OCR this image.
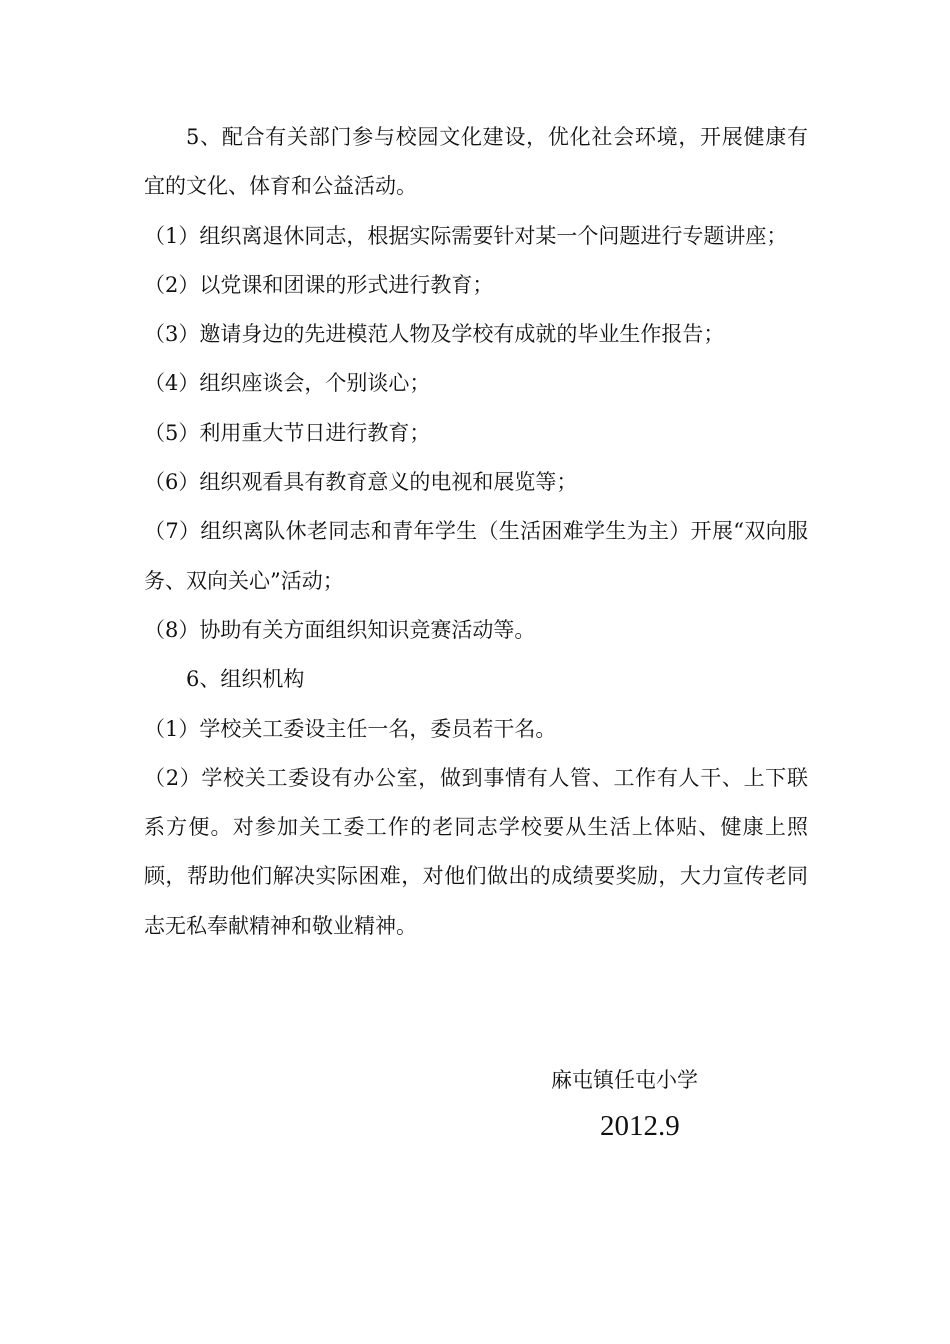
5、配合有关部门参与校园文化建设，优化社会环境，开展健康有宜的文化、体育和公益活动。

（1）组织离退休同志，根据实际需要针对某一个问题进行专题讲座；

（2）以党课和团课的形式进行教育；

（3）邀请身边的先进模范人物及学校有成就的毕业生作报告；

（4）组织座谈会，个别谈心；

（5）利用重大节日进行教育；

（6）组织观看具有教育意义的电视和展览等；

（7）组织离队休老同志和青年学生（生活困难学生为主）开展“双向服务、双向关心”活动；

（8）协助有关方面组织知识竞赛活动等。

6、组织机构

（1）学校关工委设主任一名，委员若干名。

（2）学校关工委设有办公室，做到事情有人管、工作有人干、上下联系方便。对参加关工委工作的老同志学校要从生活上体贴、健康上照顾，帮助他们解决实际困难，对他们做出的成绩要奖励，大力宣传老同志无私奉献精神和敬业精神。

麻屯镇任屯小学
2012.9
